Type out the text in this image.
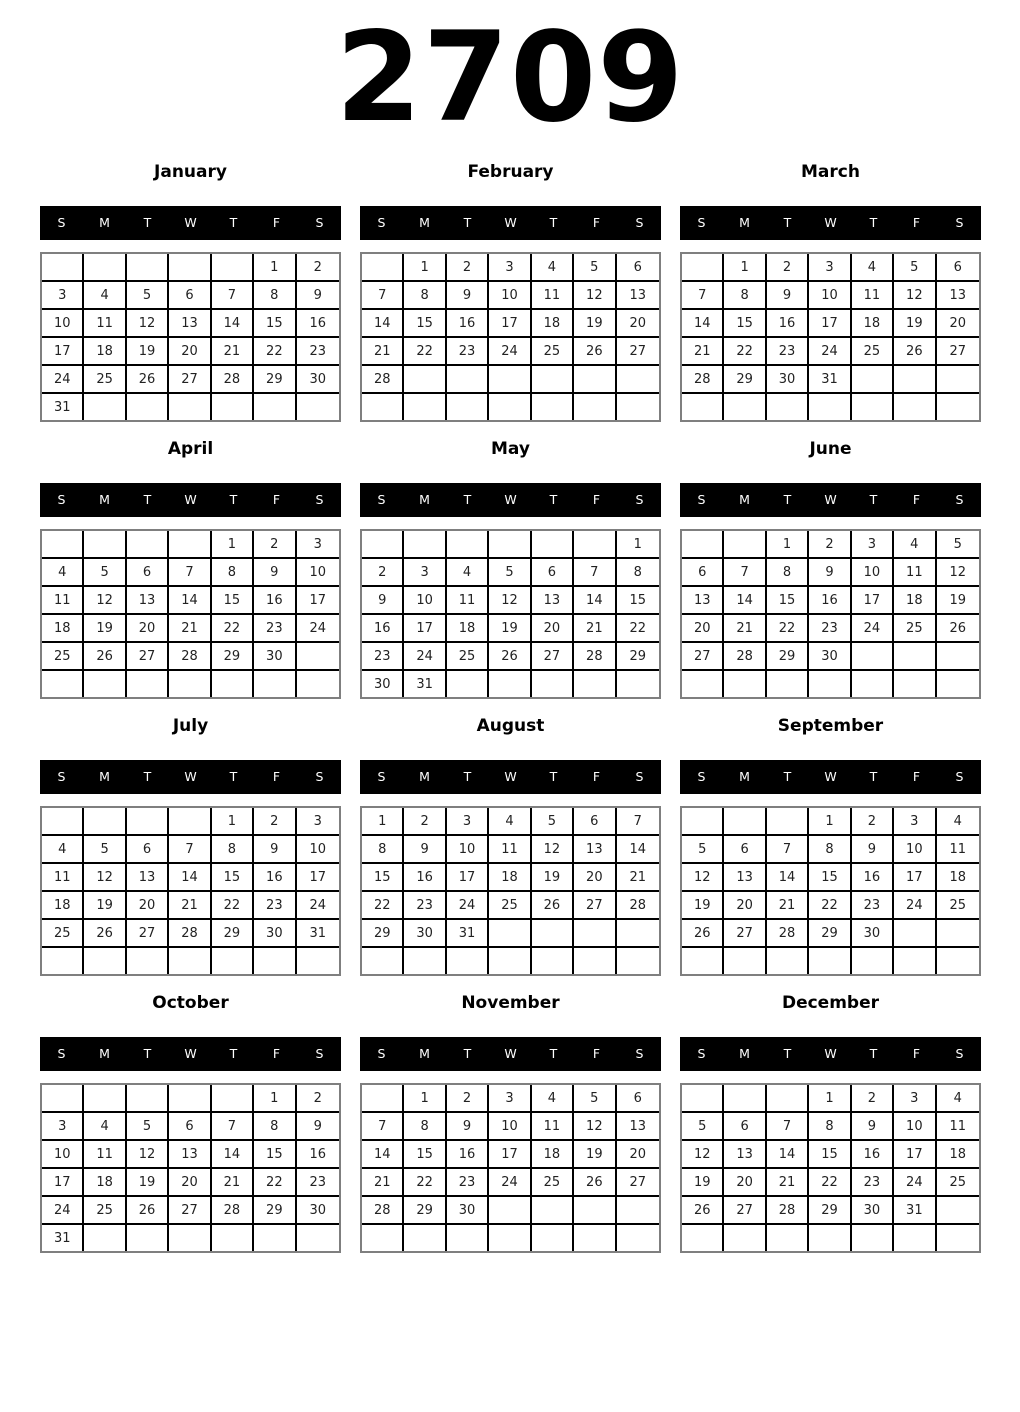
2709
January
S	M	T	W	T	F	S
					1	2
3	4	5	6	7	8	9
10	11	12	13	14	15	16
17	18	19	20	21	22	23
24	25	26	27	28	29	30
31						
February
S	M	T	W	T	F	S
	1	2	3	4	5	6
7	8	9	10	11	12	13
14	15	16	17	18	19	20
21	22	23	24	25	26	27
28						

March
S	M	T	W	T	F	S
	1	2	3	4	5	6
7	8	9	10	11	12	13
14	15	16	17	18	19	20
21	22	23	24	25	26	27
28	29	30	31			

April
S	M	T	W	T	F	S
				1	2	3
4	5	6	7	8	9	10
11	12	13	14	15	16	17
18	19	20	21	22	23	24
25	26	27	28	29	30	

May
S	M	T	W	T	F	S
						1
2	3	4	5	6	7	8
9	10	11	12	13	14	15
16	17	18	19	20	21	22
23	24	25	26	27	28	29
30	31					
June
S	M	T	W	T	F	S
		1	2	3	4	5
6	7	8	9	10	11	12
13	14	15	16	17	18	19
20	21	22	23	24	25	26
27	28	29	30			

July
S	M	T	W	T	F	S
				1	2	3
4	5	6	7	8	9	10
11	12	13	14	15	16	17
18	19	20	21	22	23	24
25	26	27	28	29	30	31

August
S	M	T	W	T	F	S
1	2	3	4	5	6	7
8	9	10	11	12	13	14
15	16	17	18	19	20	21
22	23	24	25	26	27	28
29	30	31				

September
S	M	T	W	T	F	S
			1	2	3	4
5	6	7	8	9	10	11
12	13	14	15	16	17	18
19	20	21	22	23	24	25
26	27	28	29	30		

October
S	M	T	W	T	F	S
					1	2
3	4	5	6	7	8	9
10	11	12	13	14	15	16
17	18	19	20	21	22	23
24	25	26	27	28	29	30
31						
November
S	M	T	W	T	F	S
	1	2	3	4	5	6
7	8	9	10	11	12	13
14	15	16	17	18	19	20
21	22	23	24	25	26	27
28	29	30				

December
S	M	T	W	T	F	S
			1	2	3	4
5	6	7	8	9	10	11
12	13	14	15	16	17	18
19	20	21	22	23	24	25
26	27	28	29	30	31	
